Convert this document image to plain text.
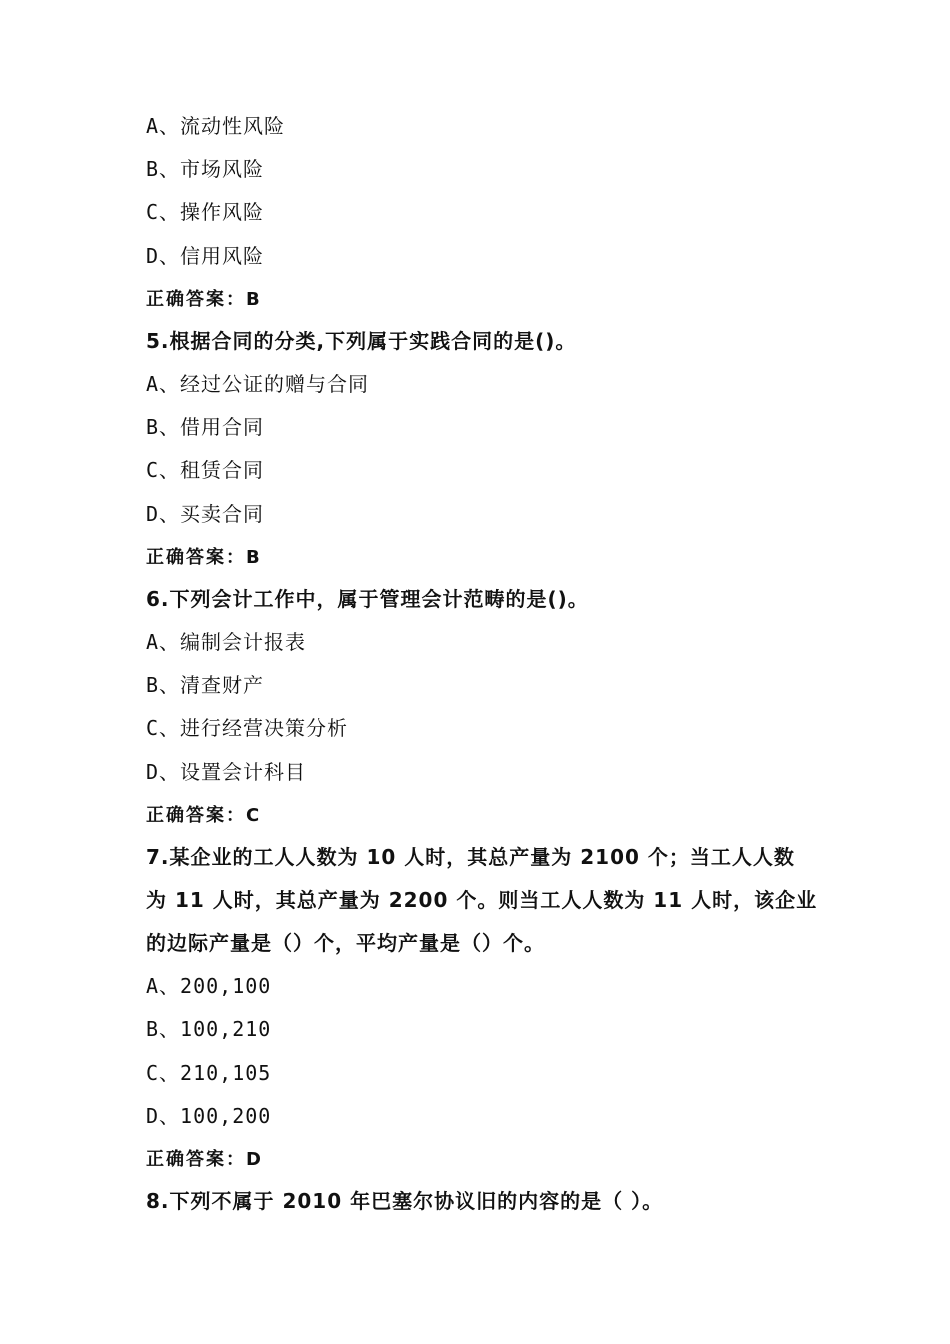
A、流动性风险
B、市场风险
C、操作风险
D、信用风险
正确答案：B
5.根据合同的分类,下列属于实践合同的是()。
A、经过公证的赠与合同
B、借用合同
C、租赁合同
D、买卖合同
正确答案：B
6.下列会计工作中，属于管理会计范畴的是()。
A、编制会计报表
B、清查财产
C、进行经营决策分析
D、设置会计科目
正确答案：C
7.某企业的工人人数为 10 人时，其总产量为 2100 个；当工人人数
为 11 人时，其总产量为 2200 个。则当工人人数为 11 人时，该企业
的边际产量是（）个，平均产量是（）个。
A、200,100
B、100,210
C、210,105
D、100,200
正确答案：D
8.下列不属于 2010 年巴塞尔协议旧的内容的是（ ）。
